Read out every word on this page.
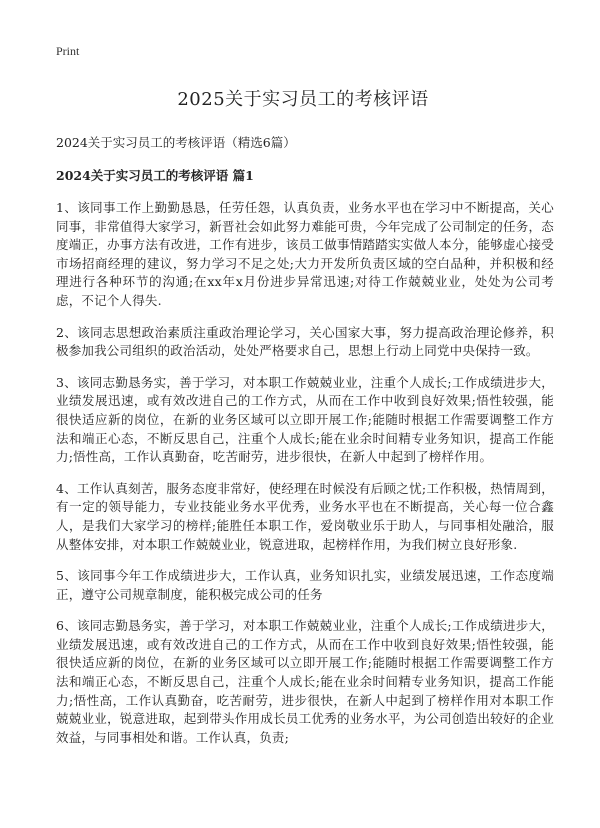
Print
2025关于实习员工的考核评语
2024关于实习员工的考核评语（精选6篇）
2024关于实习员工的考核评语 篇1

1、该同事工作上勤勤恳恳，任劳任怨，认真负责，业务水平也在学习中不断提高，关心同事，非常值得大家学习，新晋社会如此努力难能可贵，今年完成了公司制定的任务，态度端正，办事方法有改进，工作有进步，该员工做事情踏踏实实做人本分，能够虚心接受市场招商经理的建议，努力学习不足之处;大力开发所负责区域的空白品种，并积极和经理进行各种环节的沟通;在xx年x月份进步异常迅速;对待工作兢兢业业，处处为公司考虑，不记个人得失.

2、该同志思想政治素质注重政治理论学习，关心国家大事，努力提高政治理论修养，积极参加我公司组织的政治活动，处处严格要求自己，思想上行动上同党中央保持一致。

3、该同志勤恳务实，善于学习，对本职工作兢兢业业，注重个人成长;工作成绩进步大，业绩发展迅速，或有效改进自己的工作方式，从而在工作中收到良好效果;悟性较强，能很快适应新的岗位，在新的业务区域可以立即开展工作;能随时根据工作需要调整工作方法和端正心态，不断反思自己，注重个人成长;能在业余时间精专业务知识，提高工作能力;悟性高，工作认真勤奋，吃苦耐劳，进步很快，在新人中起到了榜样作用。

4、工作认真刻苦，服务态度非常好，使经理在时候没有后顾之忧;工作积极，热情周到，有一定的领导能力，专业技能业务水平优秀，业务水平也在不断提高，关心每一位合鑫人，是我们大家学习的榜样;能胜任本职工作，爱岗敬业乐于助人，与同事相处融洽，服从整体安排，对本职工作兢兢业业，锐意进取，起榜样作用，为我们树立良好形象.

5、该同事今年工作成绩进步大，工作认真，业务知识扎实，业绩发展迅速，工作态度端正，遵守公司规章制度，能积极完成公司的任务

6、该同志勤恳务实，善于学习，对本职工作兢兢业业，注重个人成长;工作成绩进步大，业绩发展迅速，或有效改进自己的工作方式，从而在工作中收到良好效果;悟性较强，能很快适应新的岗位，在新的业务区域可以立即开展工作;能随时根据工作需要调整工作方法和端正心态，不断反思自己，注重个人成长;能在业余时间精专业务知识，提高工作能力;悟性高，工作认真勤奋，吃苦耐劳，进步很快，在新人中起到了榜样作用对本职工作兢兢业业，锐意进取，起到带头作用成长员工优秀的业务水平，为公司创造出较好的企业效益，与同事相处和谐。工作认真，负责;
